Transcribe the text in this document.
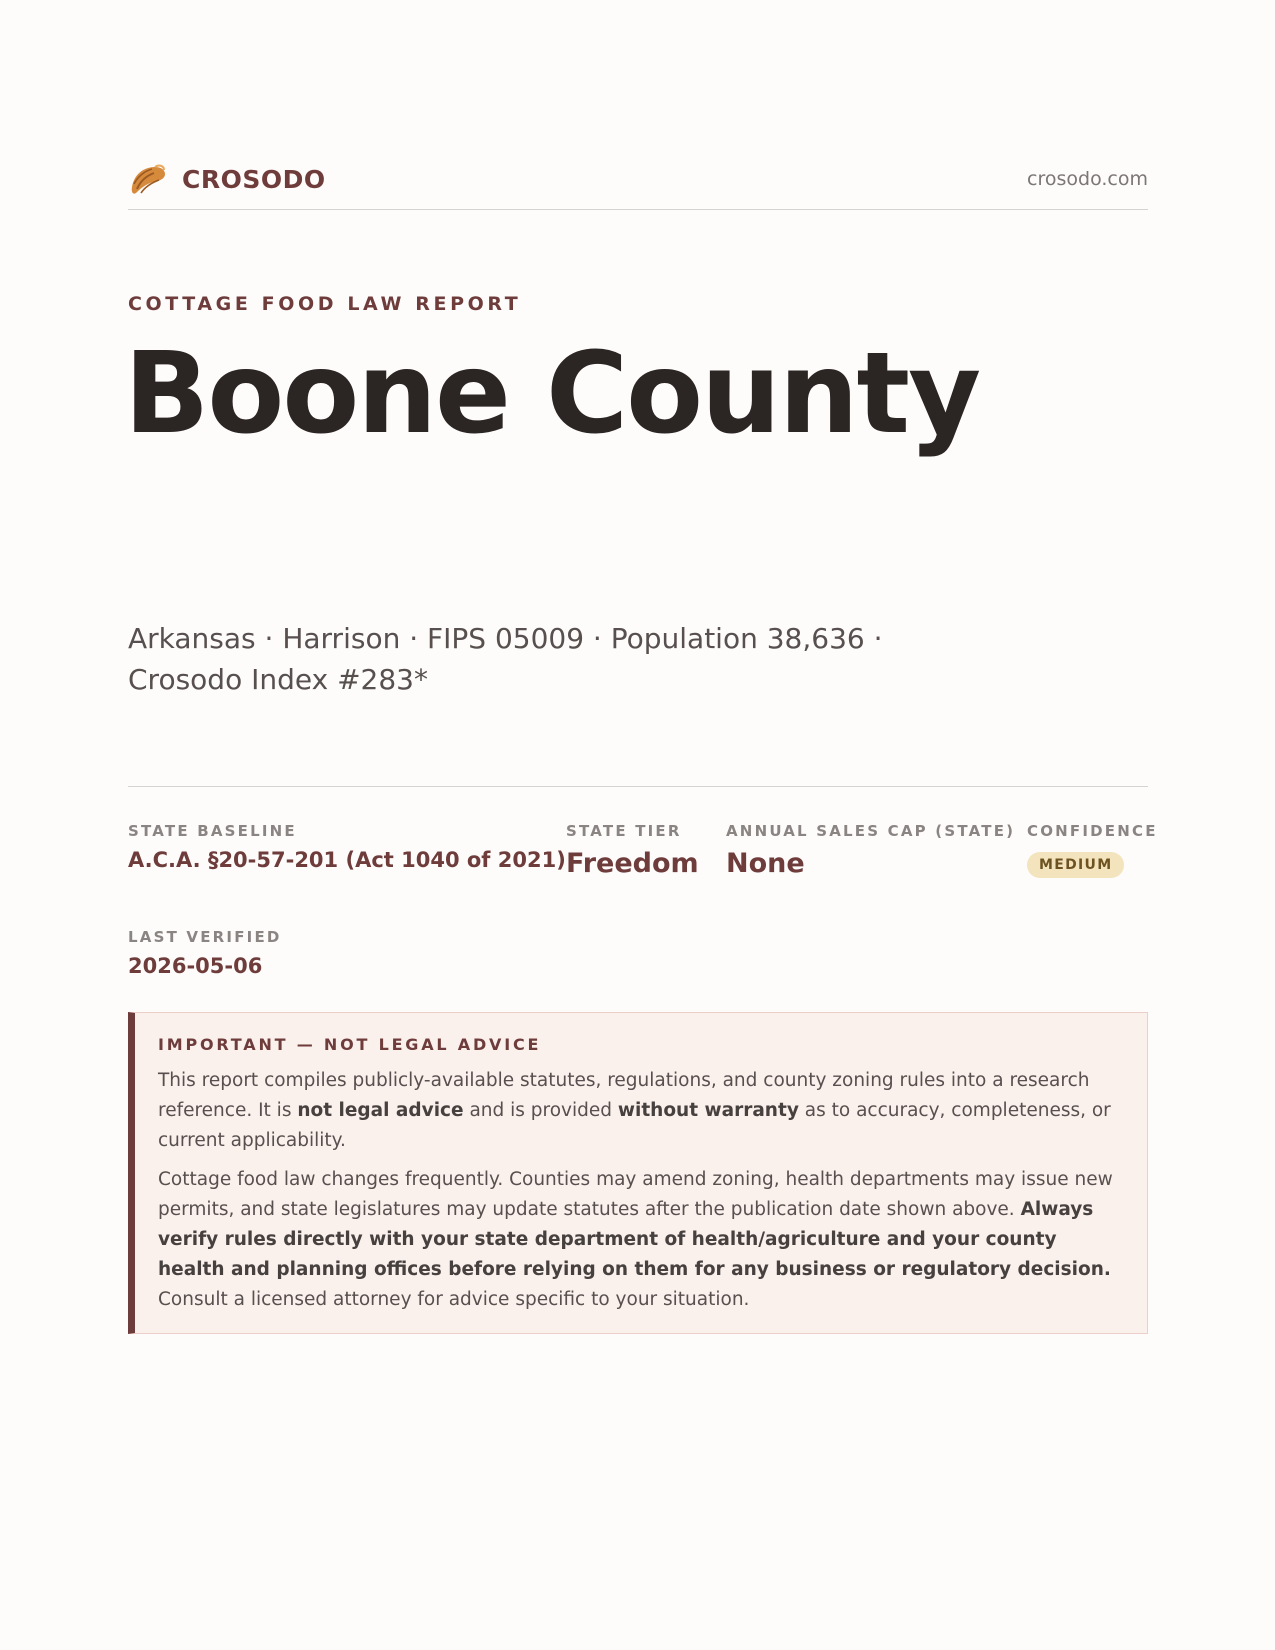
CROSODO	crosodo.com
COTTAGE FOOD LAW REPORT
Boone County
Arkansas · Harrison · FIPS 05009 · Population 38,636 ·
Crosodo Index #283*
STATE BASELINE
A.C.A. §20-57-201 (Act 1040 of 2021)
STATE TIER
Freedom
ANNUAL SALES CAP (STATE)
None
CONFIDENCE
MEDIUM
LAST VERIFIED
2026-05-06
IMPORTANT — NOT LEGAL ADVICE

This report compiles publicly-available statutes, regulations, and county zoning rules into a research reference. It is not legal advice and is provided without warranty as to accuracy, completeness, or current applicability.

Cottage food law changes frequently. Counties may amend zoning, health departments may issue new permits, and state legislatures may update statutes after the publication date shown above. Always verify rules directly with your state department of health/agriculture and your county health and planning offices before relying on them for any business or regulatory decision. Consult a licensed attorney for advice specific to your situation.
